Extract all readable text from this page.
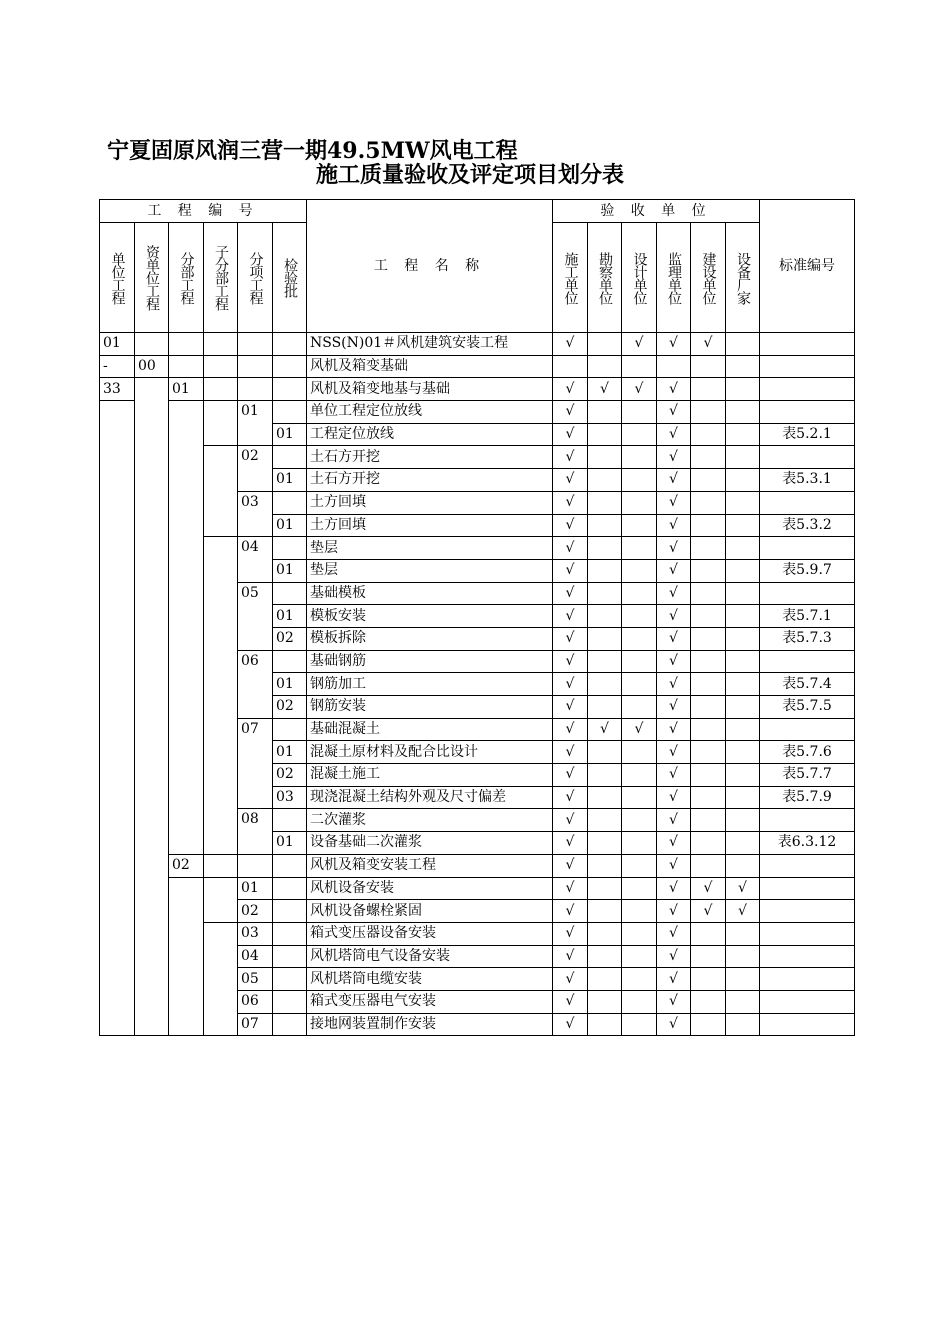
宁夏固原风润三营一期49.5MW风电工程
施工质量验收及评定项目划分表
工 程 编 号						工 程 名 称	验 收 单 位						标准编号
单位工程	资单位工程	分部工程	子分部工程	分项工程	检验批		施工单位	勘察单位	设计单位	监理单位	建设单位	设备厂家	
01						NSS(N)01＃风机建筑安装工程	√		√	√	√		
-	00					风机及箱变基础							
33		01				风机及箱变地基与基础	√	√	√	√			
				01		单位工程定位放线	√			√			
					01	工程定位放线	√			√			表5.2.1
				02		土石方开挖	√			√			
					01	土石方开挖	√			√			表5.3.1
				03		土方回填	√			√			
					01	土方回填	√			√			表5.3.2
				04		垫层	√			√			
					01	垫层	√			√			表5.9.7
				05		基础模板	√			√			
					01	模板安装	√			√			表5.7.1
					02	模板拆除	√			√			表5.7.3
				06		基础钢筋	√			√			
					01	钢筋加工	√			√			表5.7.4
					02	钢筋安装	√			√			表5.7.5
				07		基础混凝土	√	√	√	√			
					01	混凝土原材料及配合比设计	√			√			表5.7.6
					02	混凝土施工	√			√			表5.7.7
					03	现浇混凝土结构外观及尺寸偏差	√			√			表5.7.9
				08		二次灌浆	√			√			
					01	设备基础二次灌浆	√			√			表6.3.12
		02				风机及箱变安装工程	√			√			
				01		风机设备安装	√			√	√	√	
				02		风机设备螺栓紧固	√			√	√	√	
				03		箱式变压器设备安装	√			√			
				04		风机塔筒电气设备安装	√			√			
				05		风机塔筒电缆安装	√			√			
				06		箱式变压器电气安装	√			√			
				07		接地网装置制作安装	√			√			
